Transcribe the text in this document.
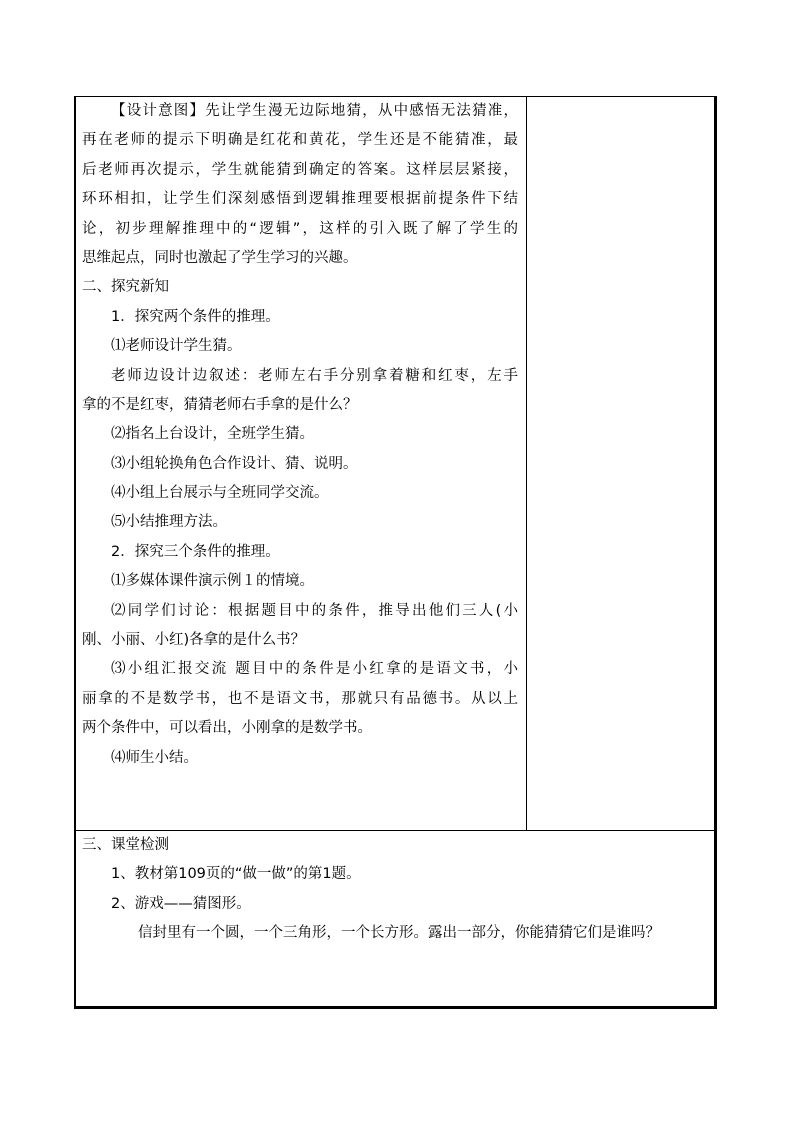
【设计意图】先让学生漫无边际地猜，从中感悟无法猜准，
再在老师的提示下明确是红花和黄花，学生还是不能猜准，最
后老师再次提示，学生就能猜到确定的答案。这样层层紧接，
环环相扣，让学生们深刻感悟到逻辑推理要根据前提条件下结
论，初步理解推理中的“逻辑”，这样的引入既了解了学生的
思维起点，同时也激起了学生学习的兴趣。
二、探究新知
1．探究两个条件的推理。
⑴老师设计学生猜。
老师边设计边叙述：老师左右手分别拿着糖和红枣，左手
拿的不是红枣，猜猜老师右手拿的是什么？
⑵指名上台设计，全班学生猜。
⑶小组轮换角色合作设计、猜、说明。
⑷小组上台展示与全班同学交流。
⑸小结推理方法。
2．探究三个条件的推理。
⑴多媒体课件演示例１的情境。
⑵同学们讨论：根据题目中的条件，推导出他们三人(小
刚、小丽、小红)各拿的是什么书？
⑶小组汇报交流 题目中的条件是小红拿的是语文书，小
丽拿的不是数学书，也不是语文书，那就只有品德书。从以上
两个条件中，可以看出，小刚拿的是数学书。
⑷师生小结。
三、课堂检测
1、教材第109页的“做一做”的第1题。
2、游戏——猜图形。
信封里有一个圆，一个三角形，一个长方形。露出一部分，你能猜猜它们是谁吗？
